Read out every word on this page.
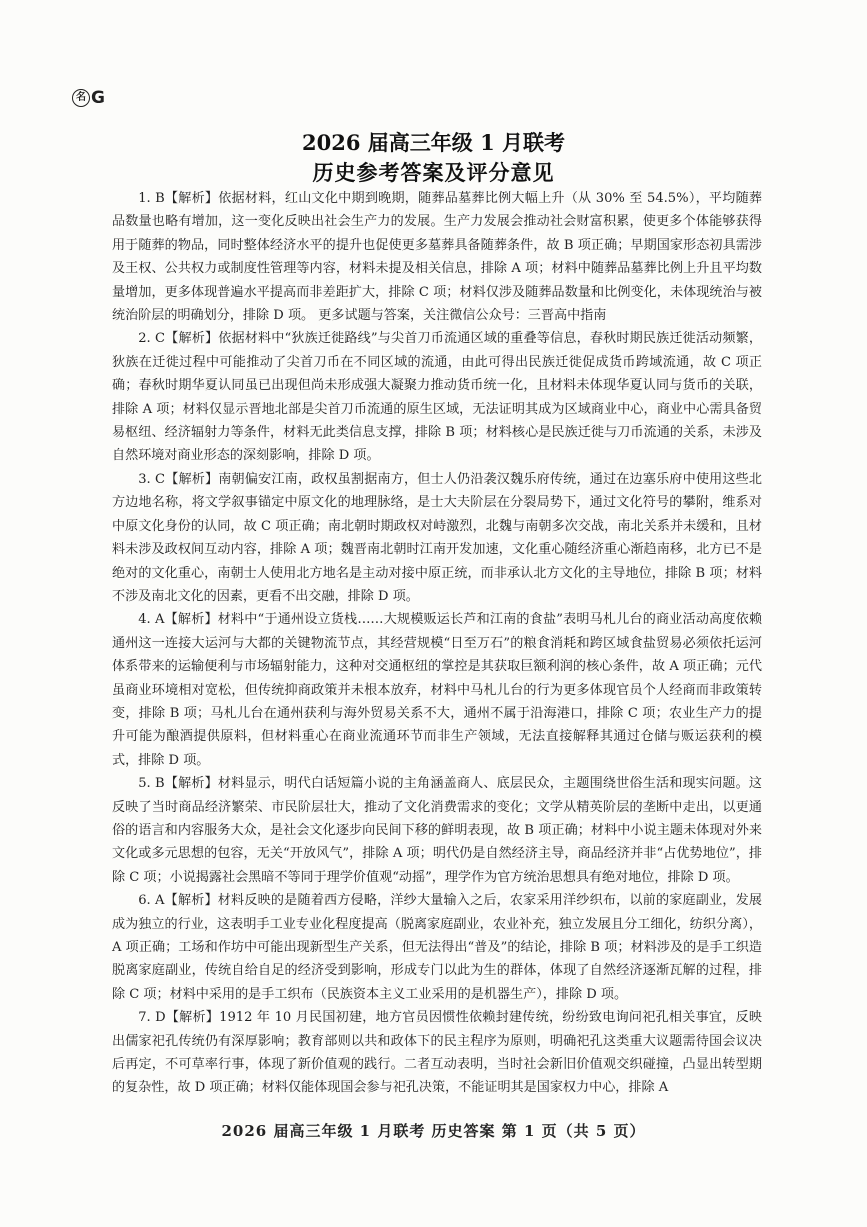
名 G
2026 届高三年级 1 月联考
历史参考答案及评分意见

1. B【解析】依据材料，红山文化中期到晚期，随葬品墓葬比例大幅上升（从 30% 至 54.5%），平均随葬品数量也略有增加，这一变化反映出社会生产力的发展。生产力发展会推动社会财富积累，使更多个体能够获得用于随葬的物品，同时整体经济水平的提升也促使更多墓葬具备随葬条件，故 B 项正确；早期国家形态初具需涉及王权、公共权力或制度性管理等内容，材料未提及相关信息，排除 A 项；材料中随葬品墓葬比例上升且平均数量增加，更多体现普遍水平提高而非差距扩大，排除 C 项；材料仅涉及随葬品数量和比例变化，未体现统治与被统治阶层的明确划分，排除 D 项。 更多试题与答案，关注微信公众号：三晋高中指南

2. C【解析】依据材料中“狄族迁徙路线”与尖首刀币流通区域的重叠等信息，春秋时期民族迁徙活动频繁，狄族在迁徙过程中可能推动了尖首刀币在不同区域的流通，由此可得出民族迁徙促成货币跨域流通，故 C 项正确；春秋时期华夏认同虽已出现但尚未形成强大凝聚力推动货币统一化，且材料未体现华夏认同与货币的关联，排除 A 项；材料仅显示晋地北部是尖首刀币流通的原生区域，无法证明其成为区域商业中心，商业中心需具备贸易枢纽、经济辐射力等条件，材料无此类信息支撑，排除 B 项；材料核心是民族迁徙与刀币流通的关系，未涉及自然环境对商业形态的深刻影响，排除 D 项。

3. C【解析】南朝偏安江南，政权虽割据南方，但士人仍沿袭汉魏乐府传统，通过在边塞乐府中使用这些北方边地名称，将文学叙事锚定中原文化的地理脉络，是士大夫阶层在分裂局势下，通过文化符号的攀附，维系对中原文化身份的认同，故 C 项正确；南北朝时期政权对峙激烈，北魏与南朝多次交战，南北关系并未缓和，且材料未涉及政权间互动内容，排除 A 项；魏晋南北朝时江南开发加速，文化重心随经济重心渐趋南移，北方已不是绝对的文化重心，南朝士人使用北方地名是主动对接中原正统，而非承认北方文化的主导地位，排除 B 项；材料不涉及南北文化的因素，更看不出交融，排除 D 项。

4. A【解析】材料中“于通州设立货栈……大规模贩运长芦和江南的食盐”表明马札儿台的商业活动高度依赖通州这一连接大运河与大都的关键物流节点，其经营规模“日至万石”的粮食消耗和跨区域食盐贸易必须依托运河体系带来的运输便利与市场辐射能力，这种对交通枢纽的掌控是其获取巨额利润的核心条件，故 A 项正确；元代虽商业环境相对宽松，但传统抑商政策并未根本放弃，材料中马札儿台的行为更多体现官员个人经商而非政策转变，排除 B 项；马札儿台在通州获利与海外贸易关系不大，通州不属于沿海港口，排除 C 项；农业生产力的提升可能为酿酒提供原料，但材料重心在商业流通环节而非生产领域，无法直接解释其通过仓储与贩运获利的模式，排除 D 项。

5. B【解析】材料显示，明代白话短篇小说的主角涵盖商人、底层民众，主题围绕世俗生活和现实问题。这反映了当时商品经济繁荣、市民阶层壮大，推动了文化消费需求的变化；文学从精英阶层的垄断中走出，以更通俗的语言和内容服务大众，是社会文化逐步向民间下移的鲜明表现，故 B 项正确；材料中小说主题未体现对外来文化或多元思想的包容，无关“开放风气”，排除 A 项；明代仍是自然经济主导，商品经济并非“占优势地位”，排除 C 项；小说揭露社会黑暗不等同于理学价值观“动摇”，理学作为官方统治思想具有绝对地位，排除 D 项。

6. A【解析】材料反映的是随着西方侵略，洋纱大量输入之后，农家采用洋纱织布，以前的家庭副业，发展成为独立的行业，这表明手工业专业化程度提高（脱离家庭副业，农业补充，独立发展且分工细化，纺织分离），A 项正确；工场和作坊中可能出现新型生产关系，但无法得出“普及”的结论，排除 B 项；材料涉及的是手工织造脱离家庭副业，传统自给自足的经济受到影响，形成专门以此为生的群体，体现了自然经济逐渐瓦解的过程，排除 C 项；材料中采用的是手工织布（民族资本主义工业采用的是机器生产），排除 D 项。

7. D【解析】1912 年 10 月民国初建，地方官员因惯性依赖封建传统，纷纷致电询问祀孔相关事宜，反映出儒家祀孔传统仍有深厚影响；教育部则以共和政体下的民主程序为原则，明确祀孔这类重大议题需待国会议决后再定，不可草率行事，体现了新价值观的践行。二者互动表明，当时社会新旧价值观交织碰撞，凸显出转型期的复杂性，故 D 项正确；材料仅能体现国会参与祀孔决策，不能证明其是国家权力中心，排除 A

2026 届高三年级 1 月联考 历史答案 第 1 页（共 5 页）
